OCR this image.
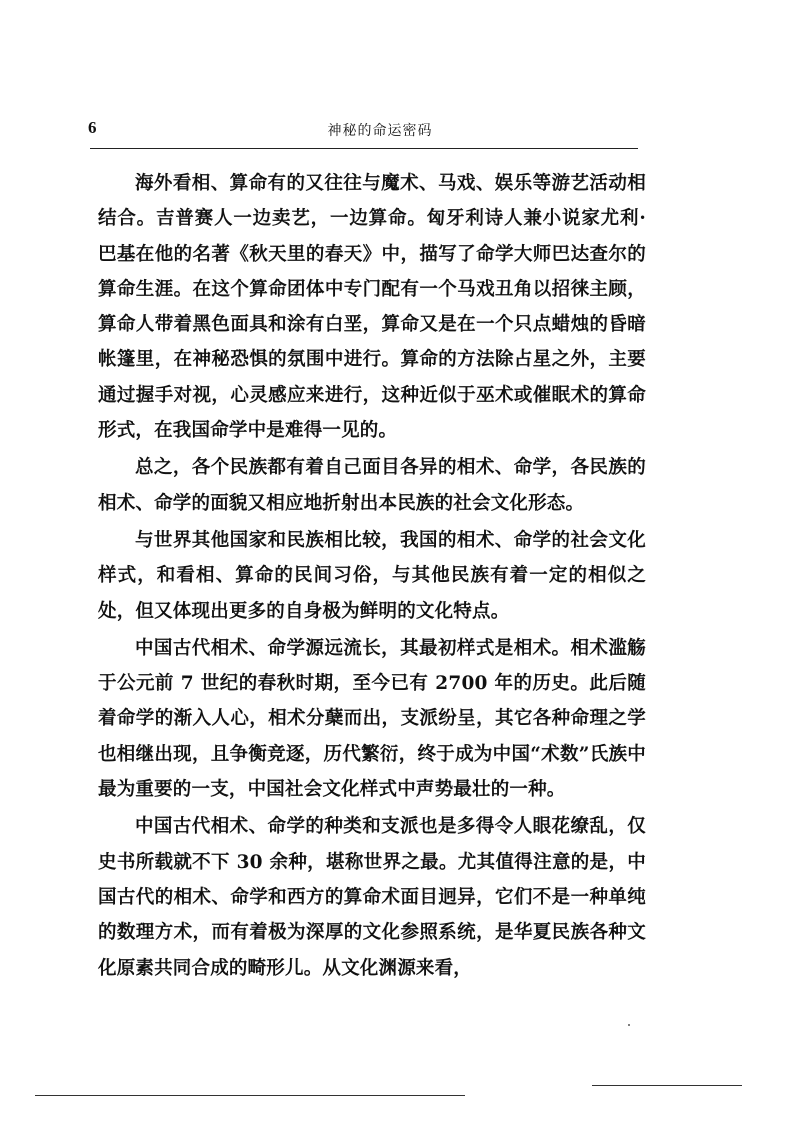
6	神秘的命运密码

海外看相、算命有的又往往与魔术、马戏、娱乐等游艺活动相结合。吉普赛人一边卖艺，一边算命。匈牙利诗人兼小说家尤利·巴基在他的名著《秋天里的春天》中，描写了命学大师巴达查尔的算命生涯。在这个算命团体中专门配有一个马戏丑角以招徕主顾，算命人带着黑色面具和涂有白垩，算命又是在一个只点蜡烛的昏暗帐篷里，在神秘恐惧的氛围中进行。算命的方法除占星之外，主要通过握手对视，心灵感应来进行，这种近似于巫术或催眠术的算命形式，在我国命学中是难得一见的。

总之，各个民族都有着自己面目各异的相术、命学，各民族的相术、命学的面貌又相应地折射出本民族的社会文化形态。

与世界其他国家和民族相比较，我国的相术、命学的社会文化样式，和看相、算命的民间习俗，与其他民族有着一定的相似之处，但又体现出更多的自身极为鲜明的文化特点。

中国古代相术、命学源远流长，其最初样式是相术。相术滥觞于公元前 7 世纪的春秋时期，至今已有 2700 年的历史。此后随着命学的渐入人心，相术分蘖而出，支派纷呈，其它各种命理之学也相继出现，且争衡竞逐，历代繁衍，终于成为中国“术数”氏族中最为重要的一支，中国社会文化样式中声势最壮的一种。

中国古代相术、命学的种类和支派也是多得令人眼花缭乱，仅史书所载就不下 30 余种，堪称世界之最。尤其值得注意的是，中国古代的相术、命学和西方的算命术面目迥异，它们不是一种单纯的数理方术，而有着极为深厚的文化参照系统，是华夏民族各种文化原素共同合成的畸形儿。从文化渊源来看，
